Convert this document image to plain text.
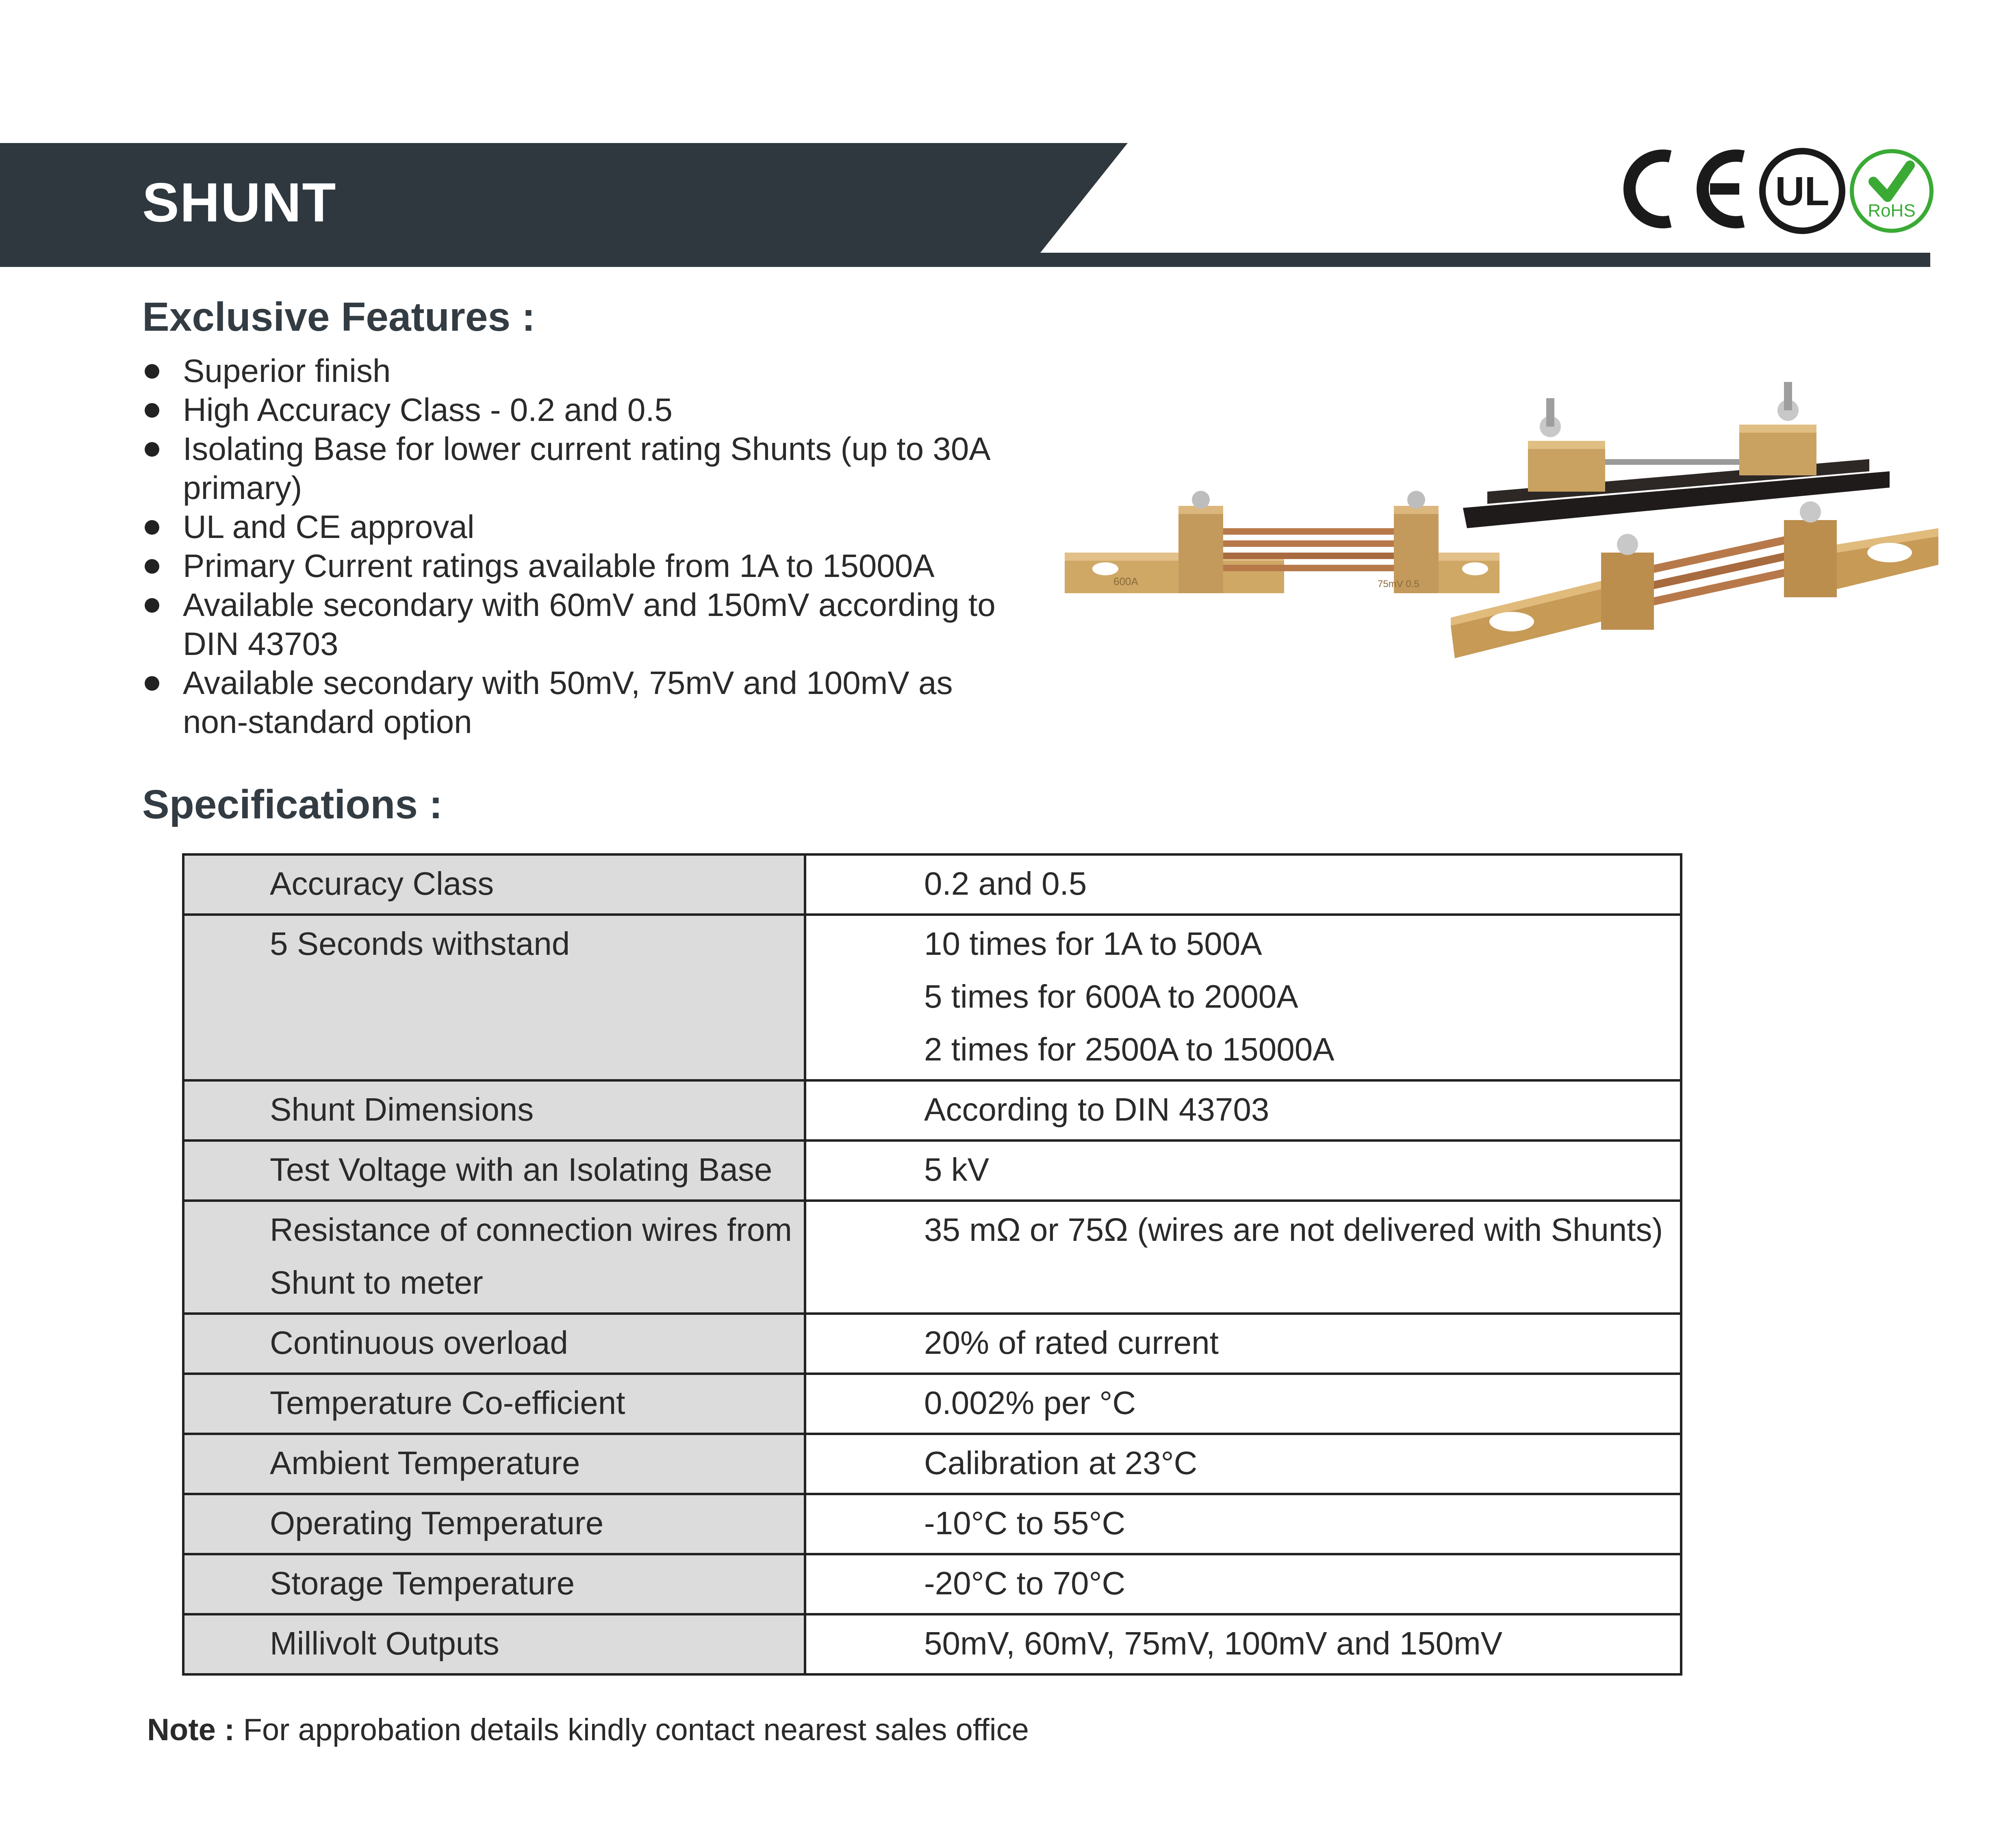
SHUNT	UL RoHS
Exclusive Features :
Superior finish
High Accuracy Class - 0.2 and 0.5
Isolating Base for lower current rating Shunts (up to 30A primary)
UL and CE approval
Primary Current ratings available from 1A to 15000A
Available secondary with 60mV and 150mV according to DIN 43703
Available secondary with 50mV, 75mV and 100mV as non-standard option
600A	75mV 0.5
Specifications :
Accuracy Class	0.2 and 0.5
5 Seconds withstand	10 times for 1A to 500A
5 times for 600A to 2000A
2 times for 2500A to 15000A
Shunt Dimensions	According to DIN 43703
Test Voltage with an Isolating Base	5 kV
Resistance of connection wires from Shunt to meter	35 mΩ or 75Ω (wires are not delivered with Shunts)
Continuous overload	20% of rated current
Temperature Co-efficient	0.002% per °C
Ambient Temperature	Calibration at 23°C
Operating Temperature	-10°C to 55°C
Storage Temperature	-20°C to 70°C
Millivolt Outputs	50mV, 60mV, 75mV, 100mV and 150mV
Note : For approbation details kindly contact nearest sales office
